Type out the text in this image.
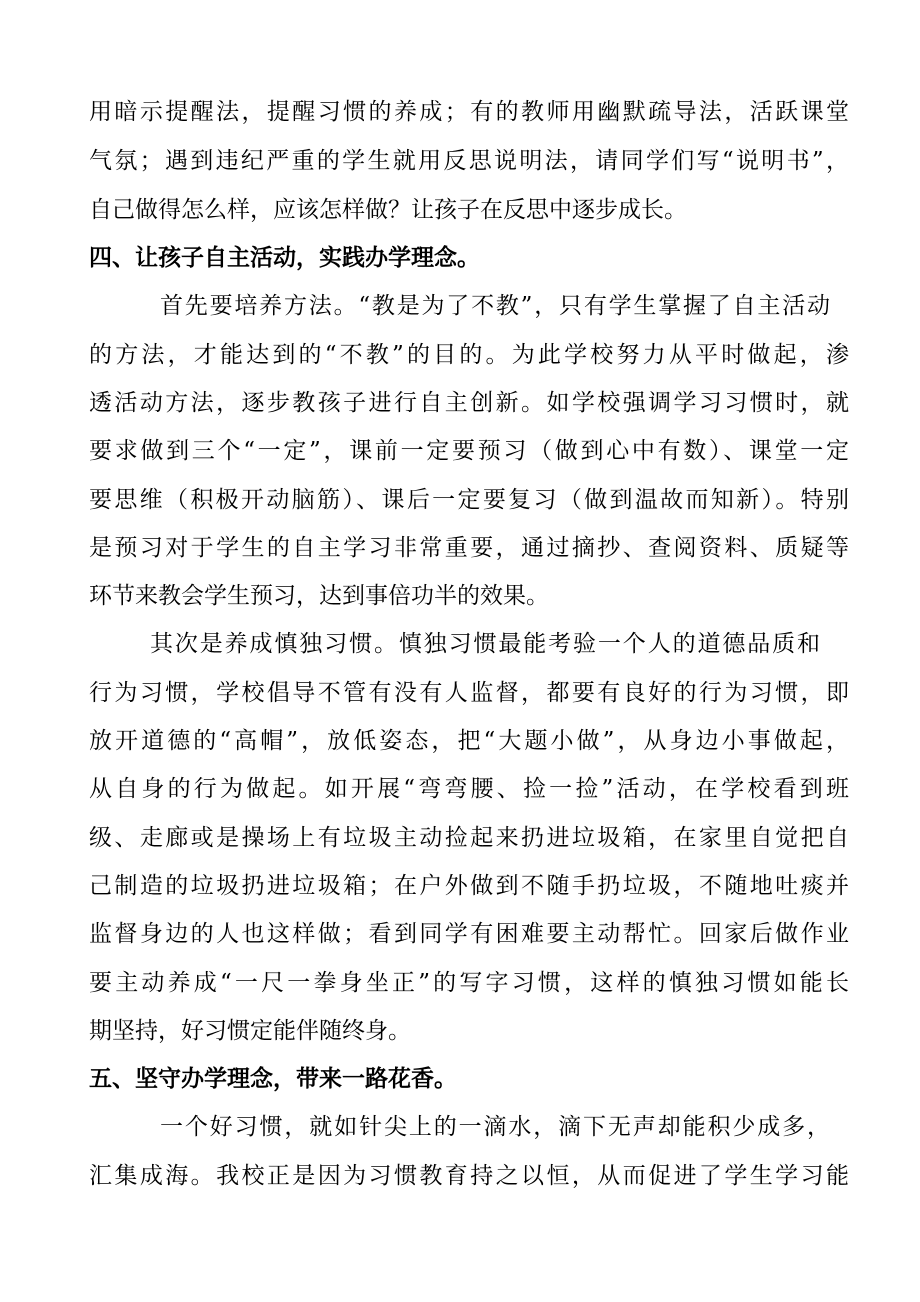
用暗示提醒法，提醒习惯的养成；有的教师用幽默疏导法，活跃课堂
气氛；遇到违纪严重的学生就用反思说明法，请同学们写“说明书”，
自己做得怎么样，应该怎样做？让孩子在反思中逐步成长。
四、让孩子自主活动，实践办学理念。
首先要培养方法。“教是为了不教”，只有学生掌握了自主活动
的方法，才能达到的“不教”的目的。为此学校努力从平时做起，渗
透活动方法，逐步教孩子进行自主创新。如学校强调学习习惯时，就
要求做到三个“一定”，课前一定要预习（做到心中有数）、课堂一定
要思维（积极开动脑筋）、课后一定要复习（做到温故而知新）。特别
是预习对于学生的自主学习非常重要，通过摘抄、查阅资料、质疑等
环节来教会学生预习，达到事倍功半的效果。
其次是养成慎独习惯。慎独习惯最能考验一个人的道德品质和
行为习惯，学校倡导不管有没有人监督，都要有良好的行为习惯，即
放开道德的“高帽”，放低姿态，把“大题小做”，从身边小事做起，
从自身的行为做起。如开展“弯弯腰、捡一捡”活动，在学校看到班
级、走廊或是操场上有垃圾主动捡起来扔进垃圾箱，在家里自觉把自
己制造的垃圾扔进垃圾箱；在户外做到不随手扔垃圾，不随地吐痰并
监督身边的人也这样做；看到同学有困难要主动帮忙。回家后做作业
要主动养成“一尺一拳身坐正”的写字习惯，这样的慎独习惯如能长
期坚持，好习惯定能伴随终身。
五、坚守办学理念，带来一路花香。
一个好习惯，就如针尖上的一滴水，滴下无声却能积少成多，
汇集成海。我校正是因为习惯教育持之以恒，从而促进了学生学习能
